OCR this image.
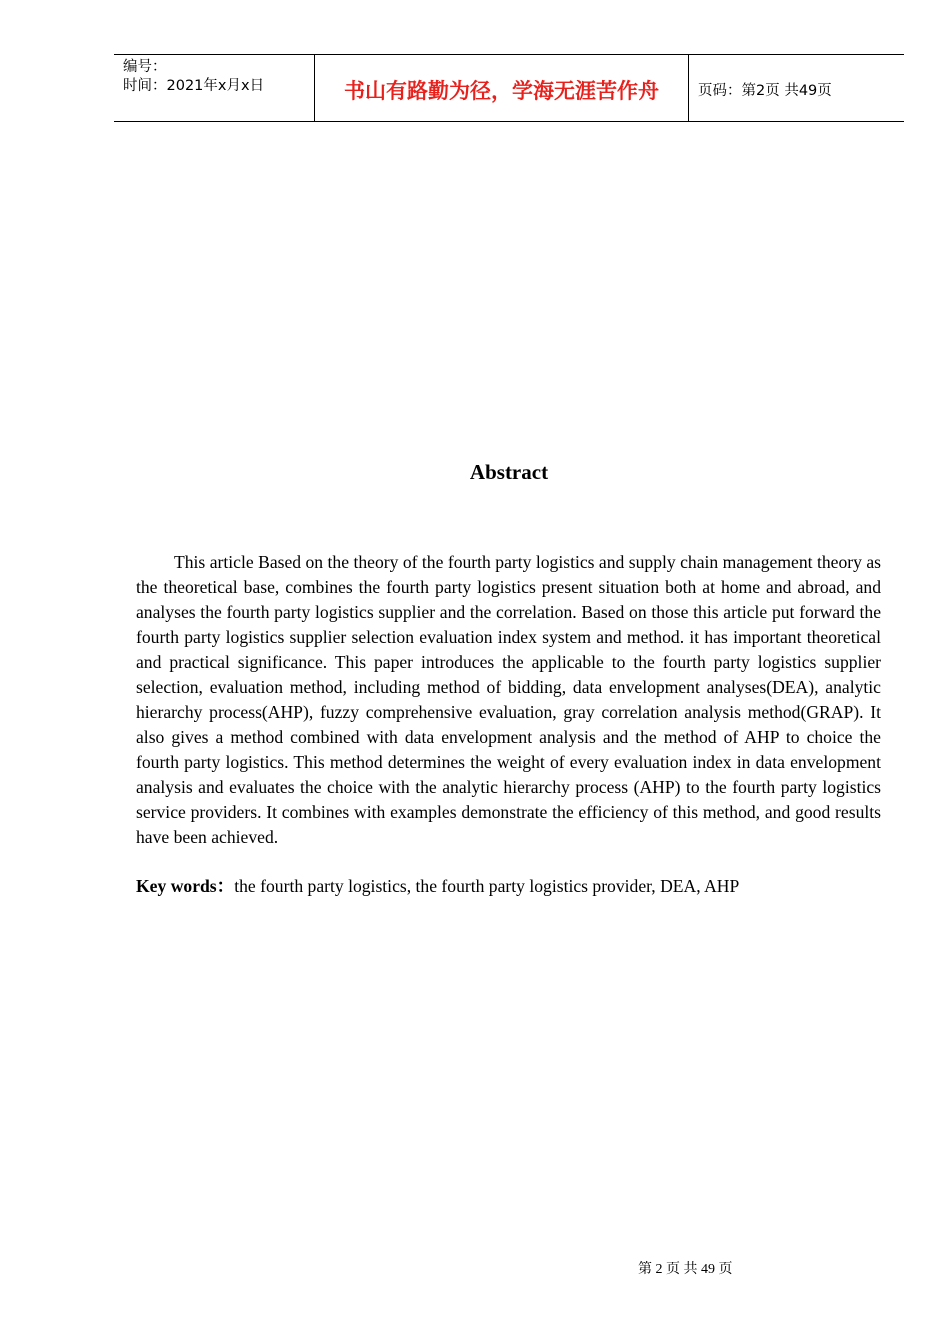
编号：
时间：2021年x月x日	书山有路勤为径，学海无涯苦作舟	页码：第2页 共49页
Abstract

This article Based on the theory of the fourth party logistics and supply chain management theory as the theoretical base, combines the fourth party logistics present situation both at home and abroad, and analyses the fourth party logistics supplier and the correlation. Based on those this article put forward the fourth party logistics supplier selection evaluation index system and method. it has important theoretical and practical significance. This paper introduces the applicable to the fourth party logistics supplier selection, evaluation method, including method of bidding, data envelopment analyses(DEA), analytic hierarchy process(AHP), fuzzy comprehensive evaluation, gray correlation analysis method(GRAP). It also gives a method combined with data envelopment analysis and the method of AHP to choice the fourth party logistics. This method determines the weight of every evaluation index in data envelopment analysis and evaluates the choice with the analytic hierarchy process (AHP) to the fourth party logistics service providers. It combines with examples demonstrate the efficiency of this method, and good results have been achieved.

Key words：the fourth party logistics, the fourth party logistics provider, DEA, AHP

第 2 页 共 49 页
